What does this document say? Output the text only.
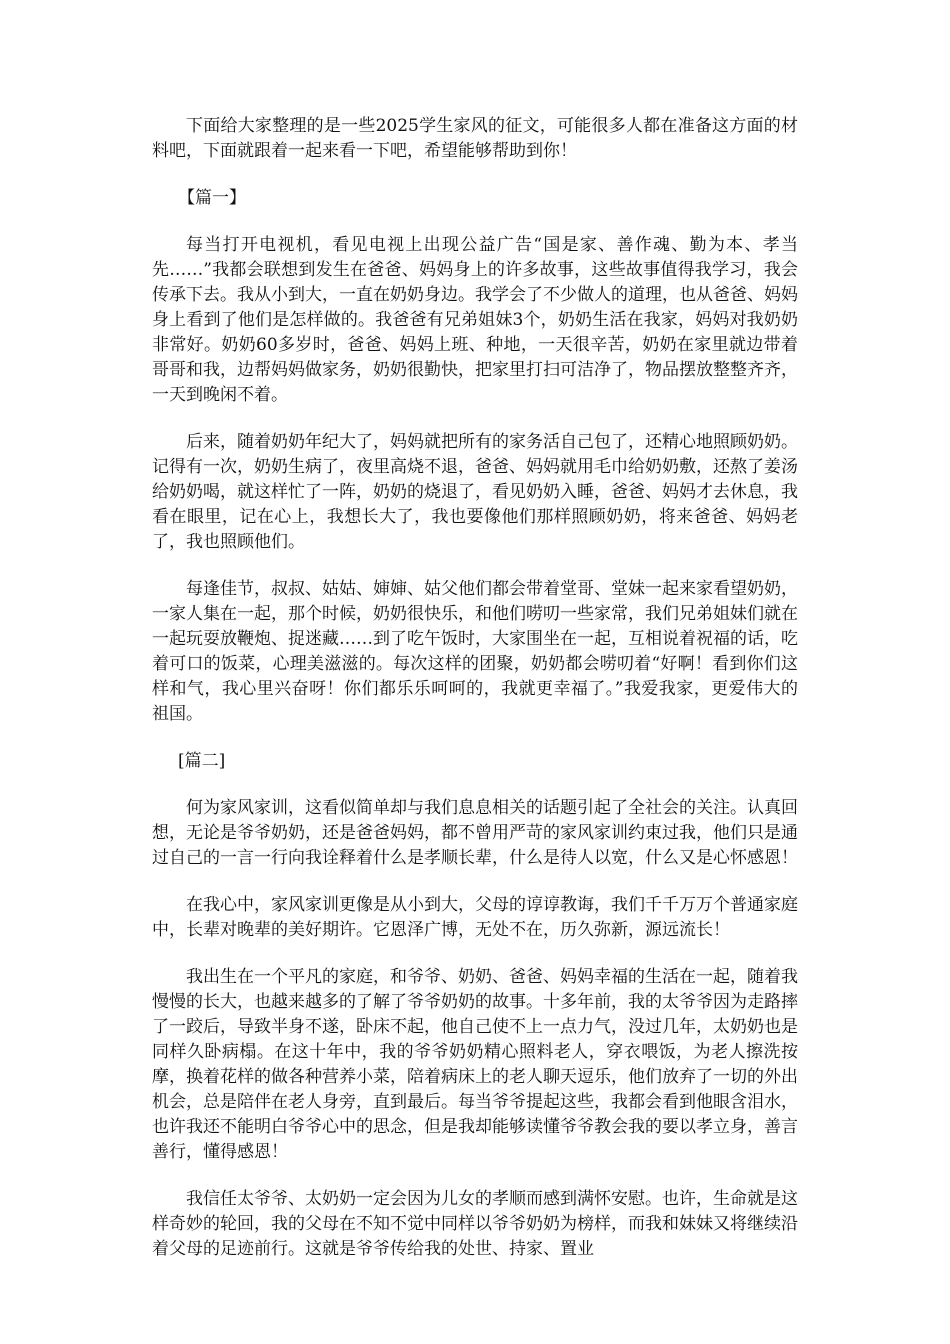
下面给大家整理的是一些2025学生家风的征文，可能很多人都在准备这方面的材料吧，下面就跟着一起来看一下吧，希望能够帮助到你！

【篇一】

每当打开电视机，看见电视上出现公益广告“国是家、善作魂、勤为本、孝当先……”我都会联想到发生在爸爸、妈妈身上的许多故事，这些故事值得我学习，我会传承下去。我从小到大，一直在奶奶身边。我学会了不少做人的道理，也从爸爸、妈妈身上看到了他们是怎样做的。我爸爸有兄弟姐妹3个，奶奶生活在我家，妈妈对我奶奶非常好。奶奶60多岁时，爸爸、妈妈上班、种地，一天很辛苦，奶奶在家里就边带着哥哥和我，边帮妈妈做家务，奶奶很勤快，把家里打扫可洁净了，物品摆放整整齐齐，一天到晚闲不着。

后来，随着奶奶年纪大了，妈妈就把所有的家务活自己包了，还精心地照顾奶奶。记得有一次，奶奶生病了，夜里高烧不退，爸爸、妈妈就用毛巾给奶奶敷，还熬了姜汤给奶奶喝，就这样忙了一阵，奶奶的烧退了，看见奶奶入睡，爸爸、妈妈才去休息，我看在眼里，记在心上，我想长大了，我也要像他们那样照顾奶奶，将来爸爸、妈妈老了，我也照顾他们。

每逢佳节，叔叔、姑姑、婶婶、姑父他们都会带着堂哥、堂妹一起来家看望奶奶，一家人集在一起，那个时候，奶奶很快乐，和他们唠叨一些家常，我们兄弟姐妹们就在一起玩耍放鞭炮、捉迷藏……到了吃午饭时，大家围坐在一起，互相说着祝福的话，吃着可口的饭菜，心理美滋滋的。每次这样的团聚，奶奶都会唠叨着“好啊！看到你们这样和气，我心里兴奋呀！你们都乐乐呵呵的，我就更幸福了。”我爱我家，更爱伟大的祖国。

[篇二]

何为家风家训，这看似简单却与我们息息相关的话题引起了全社会的关注。认真回想，无论是爷爷奶奶，还是爸爸妈妈，都不曾用严苛的家风家训约束过我，他们只是通过自己的一言一行向我诠释着什么是孝顺长辈，什么是待人以宽，什么又是心怀感恩！

在我心中，家风家训更像是从小到大，父母的谆谆教诲，我们千千万万个普通家庭中，长辈对晚辈的美好期许。它恩泽广博，无处不在，历久弥新，源远流长！

我出生在一个平凡的家庭，和爷爷、奶奶、爸爸、妈妈幸福的生活在一起，随着我慢慢的长大，也越来越多的了解了爷爷奶奶的故事。十多年前，我的太爷爷因为走路摔了一跤后，导致半身不遂，卧床不起，他自己使不上一点力气，没过几年，太奶奶也是同样久卧病榻。在这十年中，我的爷爷奶奶精心照料老人，穿衣喂饭，为老人擦洗按摩，换着花样的做各种营养小菜，陪着病床上的老人聊天逗乐，他们放弃了一切的外出机会，总是陪伴在老人身旁，直到最后。每当爷爷提起这些，我都会看到他眼含泪水，也许我还不能明白爷爷心中的思念，但是我却能够读懂爷爷教会我的要以孝立身，善言善行，懂得感恩！

我信任太爷爷、太奶奶一定会因为儿女的孝顺而感到满怀安慰。也许，生命就是这样奇妙的轮回，我的父母在不知不觉中同样以爷爷奶奶为榜样，而我和妹妹又将继续沿着父母的足迹前行。这就是爷爷传给我的处世、持家、置业
